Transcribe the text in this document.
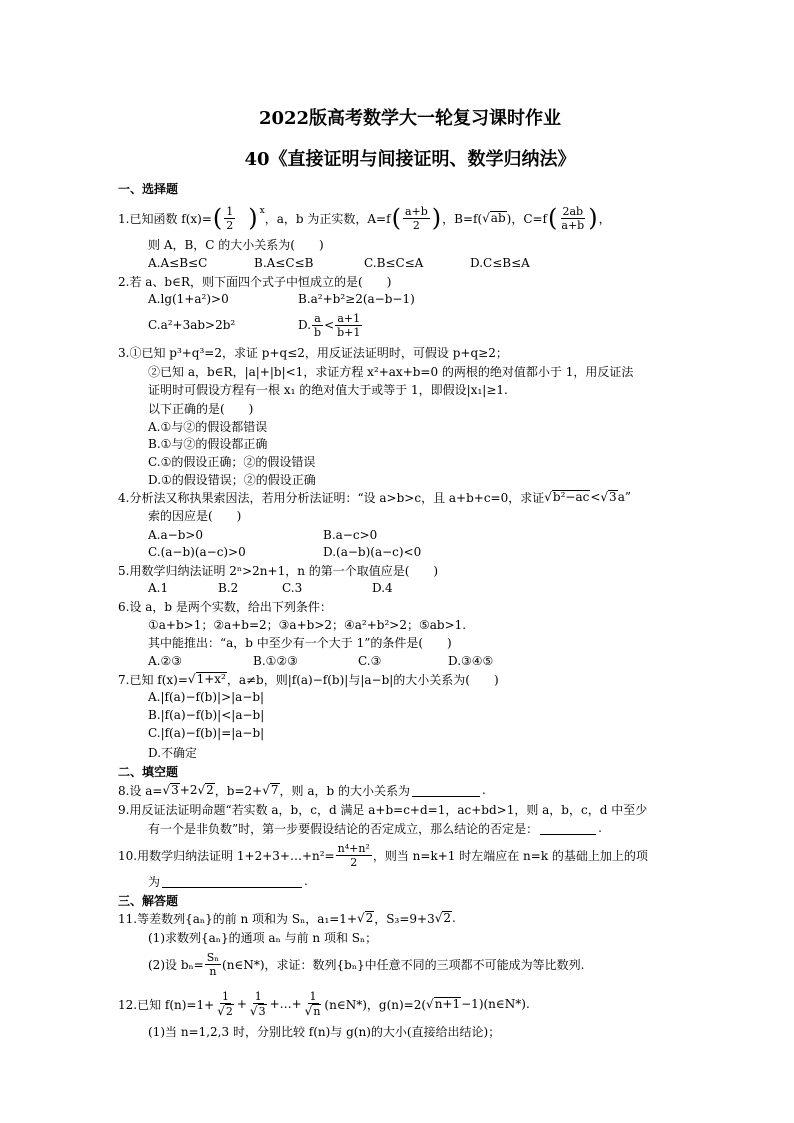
2022版高考数学大一轮复习课时作业
40《直接证明与间接证明、数学归纳法》
一、选择题
1.已知函数 f(x)= ( $\frac{1}{2}$ ) x
，a，b 为正实数，A=f ( $\frac{a+b}{2}$ ) ，B=f( √ ab )，C=f ( $\frac{2ab}{a+b}$ ) ，
则 A，B，C 的大小关系为(　　)
A.A≤B≤C	B.A≤C≤B	C.B≤C≤A	D.C≤B≤A
2.若 a、b∈R，则下面四个式子中恒成立的是(　　)
A.lg(1+a²)>0	B.a²+b²≥2(a−b−1)
C.a²+3ab>2b²	D. $\frac{a}{b} < \frac{a+1}{b+1}$
3.①已知 p³+q³=2，求证 p+q≤2，用反证法证明时，可假设 p+q≥2；
②已知 a，b∈R，|a|+|b|<1，求证方程 x²+ax+b=0 的两根的绝对值都小于 1，用反证法
证明时可假设方程有一根 x₁ 的绝对值大于或等于 1，即假设|x₁|≥1.
以下正确的是(　　)
A.①与②的假设都错误
B.①与②的假设都正确
C.①的假设正确；②的假设错误
D.①的假设错误；②的假设正确
4.分析法又称执果索因法，若用分析法证明：“设 a>b>c，且 a+b+c=0，求证 √ b²−ac < √ 3 a”
索的因应是(　　)
A.a−b>0	B.a−c>0
C.(a−b)(a−c)>0	D.(a−b)(a−c)<0
5.用数学归纳法证明 2ⁿ>2n+1，n 的第一个取值应是(　　)
A.1	B.2	C.3	D.4
6.设 a，b 是两个实数，给出下列条件：
①a+b>1；②a+b=2；③a+b>2；④a²+b²>2；⑤ab>1.
其中能推出：“a，b 中至少有一个大于 1”的条件是(　　)
A.②③	B.①②③	C.③	D.③④⑤
7.已知 f(x)= √ 1+x² ，a≠b，则|f(a)−f(b)|与|a−b|的大小关系为(　　)
A.|f(a)−f(b)|>|a−b|
B.|f(a)−f(b)|<|a−b|
C.|f(a)−f(b)|=|a−b|
D.不确定
二、填空题
8.设 a= √ 3 +2 √ 2 ，b=2+ √ 7 ，则 a，b 的大小关系为	.
9.用反证法证明命题“若实数 a，b，c，d 满足 a+b=c+d=1，ac+bd>1，则 a，b，c，d 中至少
有一个是非负数”时，第一步要假设结论的否定成立，那么结论的否定是：	.
10.用数学归纳法证明 1+2+3+…+n²= $\frac{\text{n⁴+n²}}{2}$ ，则当 n=k+1 时左端应在 n=k 的基础上加上的项
为	.
三、解答题
11.等差数列{aₙ}的前 n 项和为 Sₙ，a₁=1+ √ 2 ，S₃=9+3 √ 2 .
(1)求数列{aₙ}的通项 aₙ 与前 n 项和 Sₙ；
(2)设 $b_n= \frac{\text{Sₙ}}{n}$ (n∈N*)，求证：数列{bₙ}中任意不同的三项都不可能成为等比数列.
12.已知 $f(n)=1+ \frac{1}{√ 2} + \frac{1}{√ 3}$ +…+ $\frac{1}{√ n}$ (n∈N*)，g(n)=2( √ n+1 −1)(n∈N*).
(1)当 n=1,2,3 时，分别比较 f(n)与 g(n)的大小(直接给出结论)；
